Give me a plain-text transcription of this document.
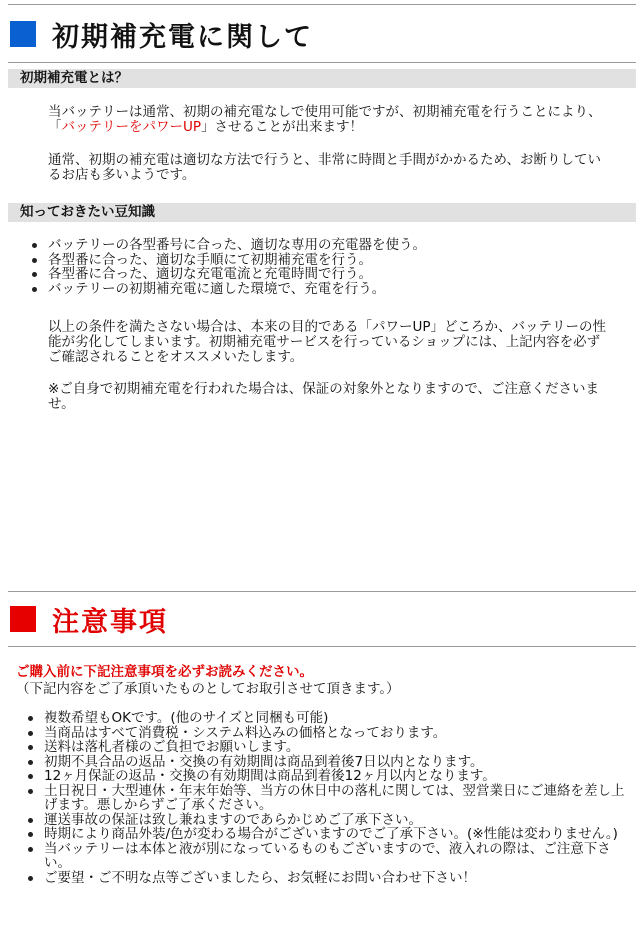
初期補充電に関して
初期補充電とは？
当バッテリーは通常、初期の補充電なしで使用可能ですが、初期補充電を行うことにより、「バッテリーをパワーUP」させることが出来ます！
通常、初期の補充電は適切な方法で行うと、非常に時間と手間がかかるため、お断りしているお店も多いようです。
知っておきたい豆知識
バッテリーの各型番号に合った、適切な専用の充電器を使う。
各型番に合った、適切な手順にて初期補充電を行う。
各型番に合った、適切な充電電流と充電時間で行う。
バッテリーの初期補充電に適した環境で、充電を行う。
以上の条件を満たさない場合は、本来の目的である「パワーUP」どころか、バッテリーの性能が劣化してしまいます。初期補充電サービスを行っているショップには、上記内容を必ずご確認されることをオススメいたします。
※ご自身で初期補充電を行われた場合は、保証の対象外となりますので、ご注意くださいませ。
注意事項
ご購入前に下記注意事項を必ずお読みください。
（下記内容をご了承頂いたものとしてお取引させて頂きます。）
複数希望もOKです。(他のサイズと同梱も可能)
当商品はすべて消費税・システム料込みの価格となっております。
送料は落札者様のご負担でお願いします。
初期不具合品の返品・交換の有効期間は商品到着後7日以内となります。
12ヶ月保証の返品・交換の有効期間は商品到着後12ヶ月以内となります。
土日祝日・大型連休・年末年始等、当方の休日中の落札に関しては、翌営業日にご連絡を差し上げます。悪しからずご了承ください。
運送事故の保証は致し兼ねますのであらかじめご了承下さい。
時期により商品外装/色が変わる場合がございますのでご了承下さい。(※性能は変わりません。)
当バッテリーは本体と液が別になっているものもございますので、液入れの際は、ご注意下さい。
ご要望・ご不明な点等ございましたら、お気軽にお問い合わせ下さい！
